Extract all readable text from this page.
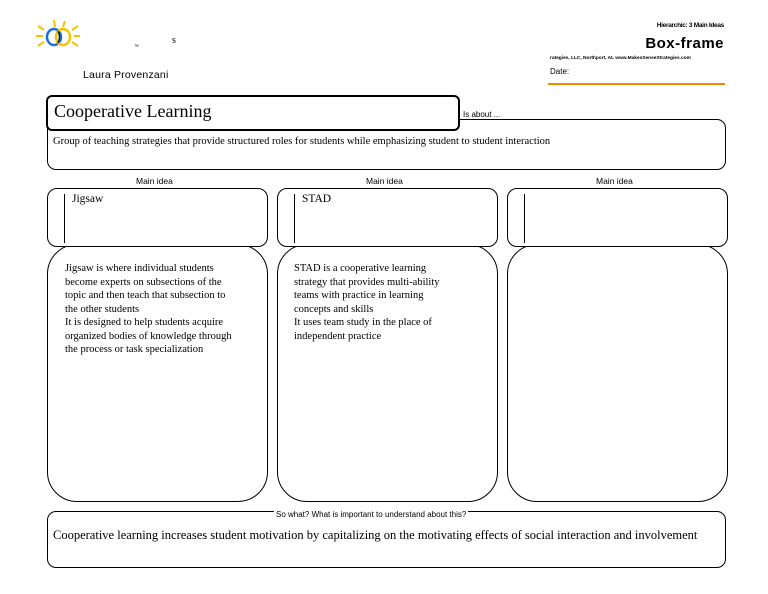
™
s
Laura Provenzani
Hierarchic: 3 Main Ideas
Box-frame
rategies, LLC, Northport, AL www.MakesSenseStrategies.com
Date:
Group of teaching strategies that provide structured roles for students while emphasizing student to student interaction
Cooperative Learning	Is about ...
Main idea	Main idea	Main idea
Jigsaw	STAD
Jigsaw is where individual students
become experts on subsections of the
topic and then teach that subsection to
the other students
It is designed to help students acquire
organized bodies of knowledge through
the process or task specialization
STAD is a cooperative learning
strategy that provides multi-ability
teams with practice in learning
concepts and skills
It uses team study in the place of
independent practice
So what? What is important to understand about this?
Cooperative learning increases student motivation by capitalizing on the motivating effects of social interaction and involvement
